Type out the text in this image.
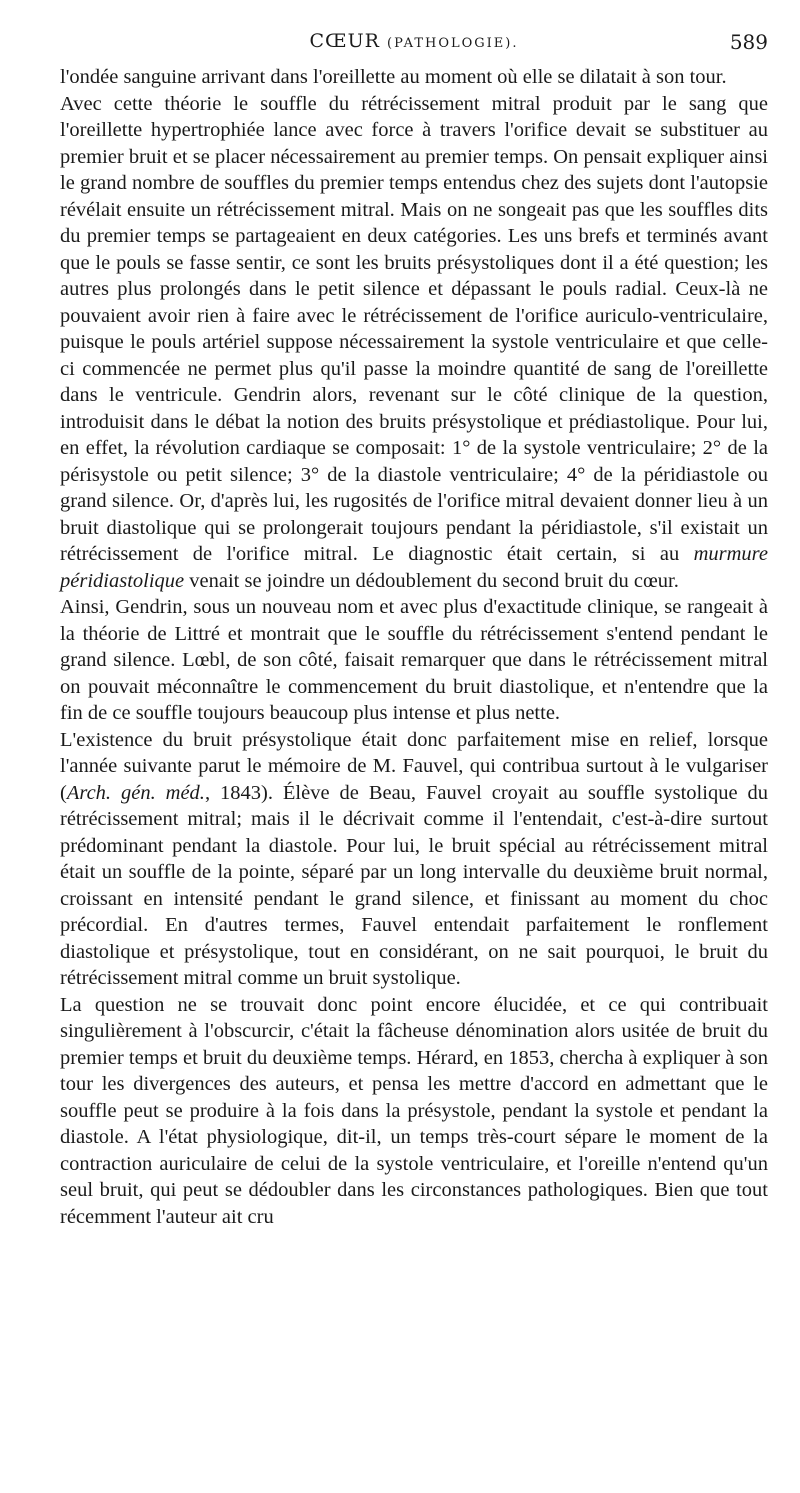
CŒUR (PATHOLOGIE).	589

l'ondée sanguine arrivant dans l'oreillette au moment où elle se dilatait à son tour.

Avec cette théorie le souffle du rétrécissement mitral produit par le sang que l'oreillette hypertrophiée lance avec force à travers l'orifice devait se substituer au premier bruit et se placer nécessairement au premier temps. On pensait expliquer ainsi le grand nombre de souffles du premier temps entendus chez des sujets dont l'autopsie révélait ensuite un rétrécissement mitral. Mais on ne songeait pas que les souffles dits du premier temps se partageaient en deux catégories. Les uns brefs et terminés avant que le pouls se fasse sentir, ce sont les bruits présystoliques dont il a été question; les autres plus prolongés dans le petit silence et dépassant le pouls radial. Ceux-là ne pouvaient avoir rien à faire avec le rétrécissement de l'orifice auriculo-ventriculaire, puisque le pouls artériel suppose nécessairement la systole ventriculaire et que celle-ci commencée ne permet plus qu'il passe la moindre quantité de sang de l'oreillette dans le ventricule. Gendrin alors, revenant sur le côté clinique de la question, introduisit dans le débat la notion des bruits présystolique et prédiastolique. Pour lui, en effet, la révolution cardiaque se composait: 1° de la systole ventriculaire; 2° de la périsystole ou petit silence; 3° de la diastole ventriculaire; 4° de la péridiastole ou grand silence. Or, d'après lui, les rugosités de l'orifice mitral devaient donner lieu à un bruit diastolique qui se prolongerait toujours pendant la péridiastole, s'il existait un rétrécissement de l'orifice mitral. Le diagnostic était certain, si au murmure péridiastolique venait se joindre un dédoublement du second bruit du cœur.

Ainsi, Gendrin, sous un nouveau nom et avec plus d'exactitude clinique, se rangeait à la théorie de Littré et montrait que le souffle du rétrécissement s'entend pendant le grand silence. Lœbl, de son côté, faisait remarquer que dans le rétrécissement mitral on pouvait méconnaître le commencement du bruit diastolique, et n'entendre que la fin de ce souffle toujours beaucoup plus intense et plus nette.

L'existence du bruit présystolique était donc parfaitement mise en relief, lorsque l'année suivante parut le mémoire de M. Fauvel, qui contribua surtout à le vulgariser (Arch. gén. méd., 1843). Élève de Beau, Fauvel croyait au souffle systolique du rétrécissement mitral; mais il le décrivait comme il l'entendait, c'est-à-dire surtout prédominant pendant la diastole. Pour lui, le bruit spécial au rétrécissement mitral était un souffle de la pointe, séparé par un long intervalle du deuxième bruit normal, croissant en intensité pendant le grand silence, et finissant au moment du choc précordial. En d'autres termes, Fauvel entendait parfaitement le ronflement diastolique et présystolique, tout en considérant, on ne sait pourquoi, le bruit du rétrécissement mitral comme un bruit systolique.

La question ne se trouvait donc point encore élucidée, et ce qui contribuait singulièrement à l'obscurcir, c'était la fâcheuse dénomination alors usitée de bruit du premier temps et bruit du deuxième temps. Hérard, en 1853, chercha à expliquer à son tour les divergences des auteurs, et pensa les mettre d'accord en admettant que le souffle peut se produire à la fois dans la présystole, pendant la systole et pendant la diastole. A l'état physiologique, dit-il, un temps très-court sépare le moment de la contraction auriculaire de celui de la systole ventriculaire, et l'oreille n'entend qu'un seul bruit, qui peut se dédoubler dans les circonstances pathologiques. Bien que tout récemment l'auteur ait cru
